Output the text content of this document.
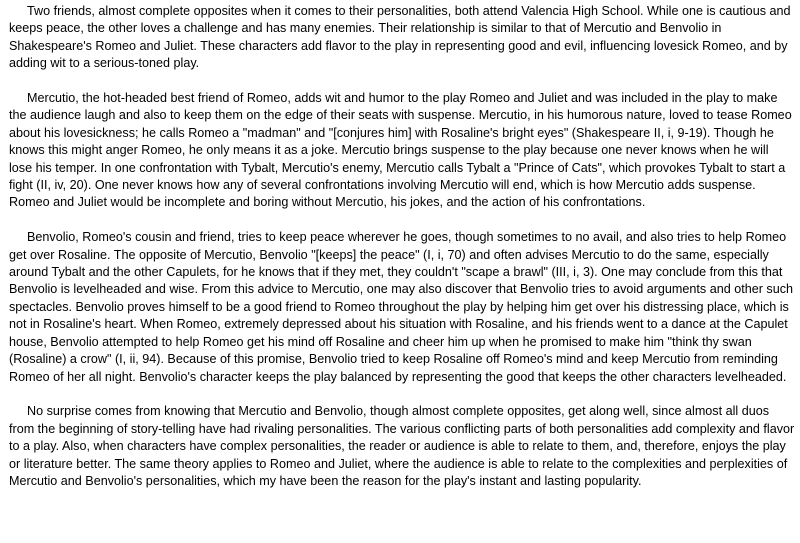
Two friends, almost complete opposites when it comes to their personalities, both attend Valencia High School. While one is cautious and keeps peace, the other loves a challenge and has many enemies. Their relationship is similar to that of Mercutio and Benvolio in Shakespeare's Romeo and Juliet. These characters add flavor to the play in representing good and evil, influencing lovesick Romeo, and by adding wit to a serious-toned play.

Mercutio, the hot-headed best friend of Romeo, adds wit and humor to the play Romeo and Juliet and was included in the play to make the audience laugh and also to keep them on the edge of their seats with suspense. Mercutio, in his humorous nature, loved to tease Romeo about his lovesickness; he calls Romeo a "madman" and "[conjures him] with Rosaline's bright eyes" (Shakespeare II, i, 9-19). Though he knows this might anger Romeo, he only means it as a joke. Mercutio brings suspense to the play because one never knows when he will lose his temper. In one confrontation with Tybalt, Mercutio's enemy, Mercutio calls Tybalt a "Prince of Cats", which provokes Tybalt to start a fight (II, iv, 20). One never knows how any of several confrontations involving Mercutio will end, which is how Mercutio adds suspense. Romeo and Juliet would be incomplete and boring without Mercutio, his jokes, and the action of his confrontations.

Benvolio, Romeo's cousin and friend, tries to keep peace wherever he goes, though sometimes to no avail, and also tries to help Romeo get over Rosaline. The opposite of Mercutio, Benvolio "[keeps] the peace" (I, i, 70) and often advises Mercutio to do the same, especially around Tybalt and the other Capulets, for he knows that if they met, they couldn't "scape a brawl" (III, i, 3). One may conclude from this that Benvolio is levelheaded and wise. From this advice to Mercutio, one may also discover that Benvolio tries to avoid arguments and other such spectacles. Benvolio proves himself to be a good friend to Romeo throughout the play by helping him get over his distressing place, which is not in Rosaline's heart. When Romeo, extremely depressed about his situation with Rosaline, and his friends went to a dance at the Capulet house, Benvolio attempted to help Romeo get his mind off Rosaline and cheer him up when he promised to make him "think thy swan (Rosaline) a crow" (I, ii, 94). Because of this promise, Benvolio tried to keep Rosaline off Romeo's mind and keep Mercutio from reminding Romeo of her all night. Benvolio's character keeps the play balanced by representing the good that keeps the other characters levelheaded.

No surprise comes from knowing that Mercutio and Benvolio, though almost complete opposites, get along well, since almost all duos from the beginning of story-telling have had rivaling personalities. The various conflicting parts of both personalities add complexity and flavor to a play. Also, when characters have complex personalities, the reader or audience is able to relate to them, and, therefore, enjoys the play or literature better. The same theory applies to Romeo and Juliet, where the audience is able to relate to the complexities and perplexities of Mercutio and Benvolio's personalities, which my have been the reason for the play's instant and lasting popularity.
